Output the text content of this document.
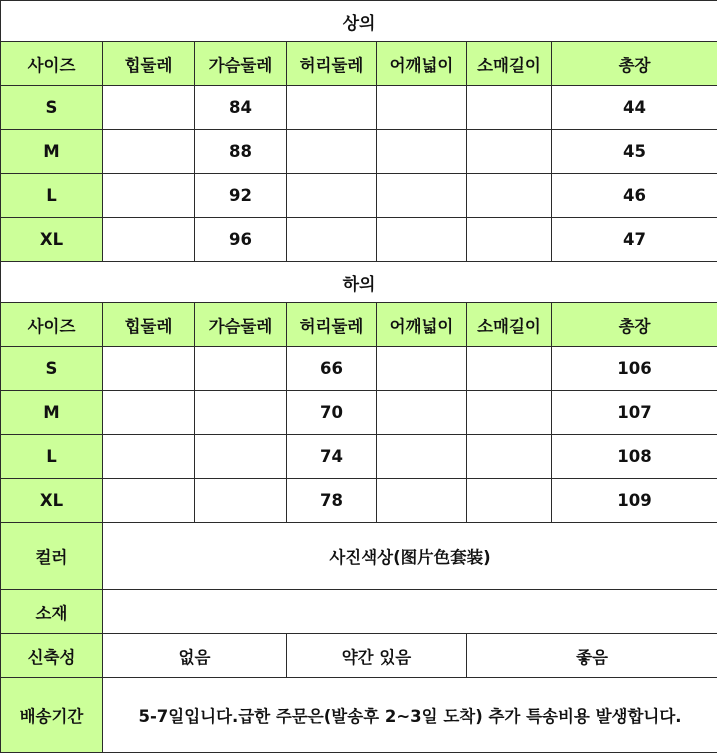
상의						
사이즈	힙둘레	가슴둘레	허리둘레	어깨넓이	소매길이	총장
S		84				44
M		88				45
L		92				46
XL		96				47
하의						
사이즈	힙둘레	가슴둘레	허리둘레	어깨넓이	소매길이	총장
S			66			106
M			70			107
L			74			108
XL			78			109
컬러	사진색상(图片色套装)					
소재						
신축성	없음		약간 있음		좋음	
배송기간	5-7일입니다.급한 주문은(발송후 2~3일 도착) 추가 특송비용 발생합니다.					
